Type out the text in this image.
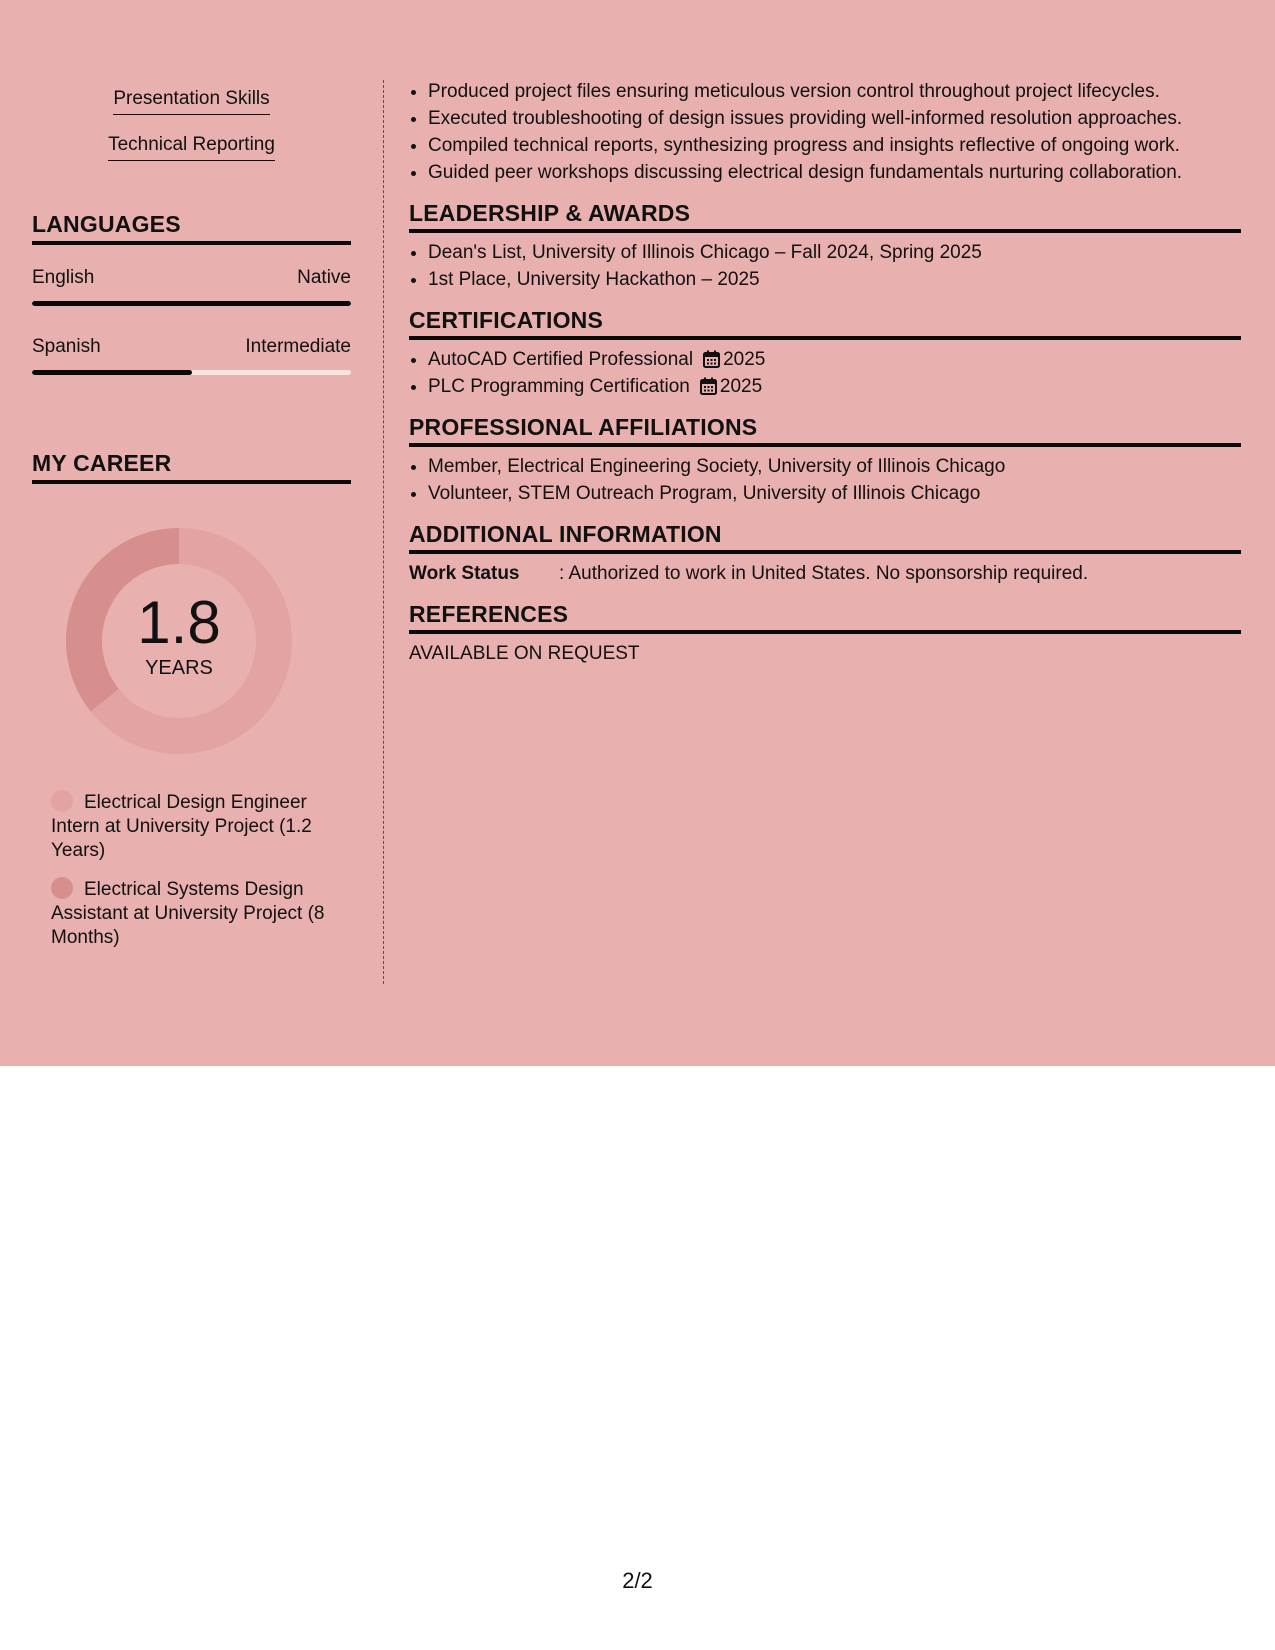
Presentation Skills
Technical Reporting
LANGUAGES
English	Native
Spanish	Intermediate
MY CAREER
1.8
YEARS
Electrical Design Engineer Intern at University Project (1.2 Years)
Electrical Systems Design Assistant at University Project (8 Months)
• Produced project files ensuring meticulous version control throughout project lifecycles.
• Executed troubleshooting of design issues providing well-informed resolution approaches.
• Compiled technical reports, synthesizing progress and insights reflective of ongoing work.
• Guided peer workshops discussing electrical design fundamentals nurturing collaboration.
LEADERSHIP & AWARDS
• Dean's List, University of Illinois Chicago – Fall 2024, Spring 2025
• 1st Place, University Hackathon – 2025
CERTIFICATIONS
• AutoCAD Certified Professional 2025
• PLC Programming Certification 2025
PROFESSIONAL AFFILIATIONS
• Member, Electrical Engineering Society, University of Illinois Chicago
• Volunteer, STEM Outreach Program, University of Illinois Chicago
ADDITIONAL INFORMATION
Work Status : Authorized to work in United States. No sponsorship required.
REFERENCES
AVAILABLE ON REQUEST
2/2
